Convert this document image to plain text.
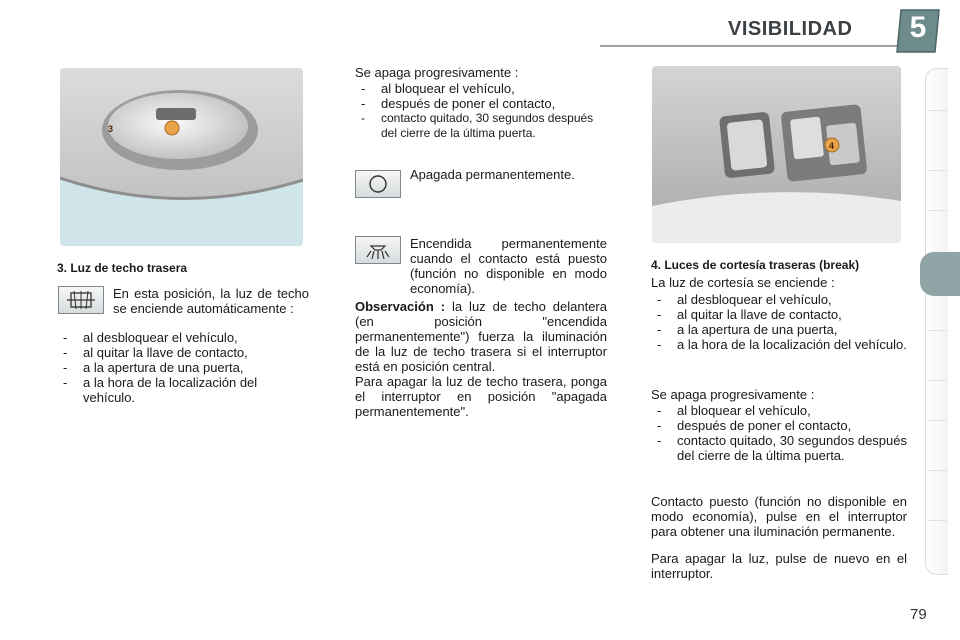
VISIBILIDAD	5
3
3. Luz de techo trasera
En esta posición, la luz de techo se enciende automáticamente :
- al desbloquear el vehículo,
- al quitar la llave de contacto,
- a la apertura de una puerta,
- a la hora de la localización del vehículo.
Se apaga progresivamente :
- al bloquear el vehículo,
- después de poner el contacto,
- contacto quitado, 30 segundos después del cierre de la última puerta.
Apagada permanentemente.
Encendida permanentemente cuando el contacto está puesto (función no disponible en modo economía).
Observación : la luz de techo delantera (en posición "encendida permanentemente") fuerza la iluminación de la luz de techo trasera si el interruptor está en posición central.
Para apagar la luz de techo trasera, ponga el interruptor en posición "apagada permanentemente".
4
4. Luces de cortesía traseras (break)
La luz de cortesía se enciende :
- al desbloquear el vehículo,
- al quitar la llave de contacto,
- a la apertura de una puerta,
- a la hora de la localización del vehículo.
Se apaga progresivamente :
- al bloquear el vehículo,
- después de poner el contacto,
- contacto quitado, 30 segundos después del cierre de la última puerta.
Contacto puesto (función no disponible en modo economía), pulse en el interruptor para obtener una iluminación permanente.
Para apagar la luz, pulse de nuevo en el interruptor.
79
